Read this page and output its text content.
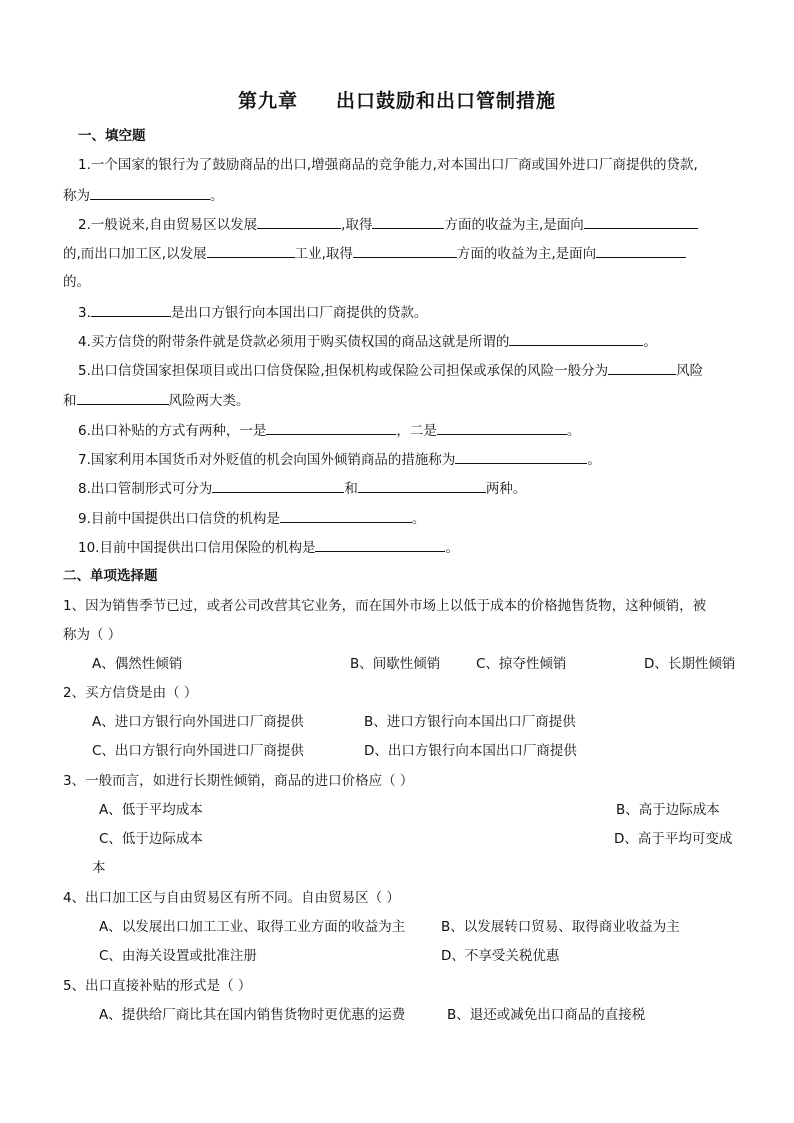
第九章     出口鼓励和出口管制措施
一、填空题
1.一个国家的银行为了鼓励商品的出口,增强商品的竞争能力,对本国出口厂商或国外进口厂商提供的贷款,
称为	。
2.一般说来,自由贸易区以发展	,取得	方面的收益为主,是面向
的,而出口加工区,以发展	工业,取得	方面的收益为主,是面向
的。
3.	是出口方银行向本国出口厂商提供的贷款。
4.买方信贷的附带条件就是贷款必须用于购买债权国的商品这就是所谓的	。
5.出口信贷国家担保项目或出口信贷保险,担保机构或保险公司担保或承保的风险一般分为	风险
和	风险两大类。
6.出口补贴的方式有两种，一是	，二是	。
7.国家利用本国货币对外贬值的机会向国外倾销商品的措施称为	。
8.出口管制形式可分为	和	两种。
9.目前中国提供出口信贷的机构是	。
10.目前中国提供出口信用保险的机构是	。
二、单项选择题
1、因为销售季节已过，或者公司改营其它业务，而在国外市场上以低于成本的价格抛售货物，这种倾销，被
称为（ ）
A、偶然性倾销	B、间歇性倾销	C、掠夺性倾销	D、长期性倾销
2、买方信贷是由（ ）
A、进口方银行向外国进口厂商提供	B、进口方银行向本国出口厂商提供
C、出口方银行向外国进口厂商提供	D、出口方银行向本国出口厂商提供
3、一般而言，如进行长期性倾销，商品的进口价格应（ ）
A、低于平均成本	B、高于边际成本
C、低于边际成本	D、高于平均可变成
本
4、出口加工区与自由贸易区有所不同。自由贸易区（ ）
A、以发展出口加工工业、取得工业方面的收益为主	B、以发展转口贸易、取得商业收益为主
C、由海关设置或批准注册	D、不享受关税优惠
5、出口直接补贴的形式是（ ）
A、提供给厂商比其在国内销售货物时更优惠的运费	B、退还或减免出口商品的直接税
